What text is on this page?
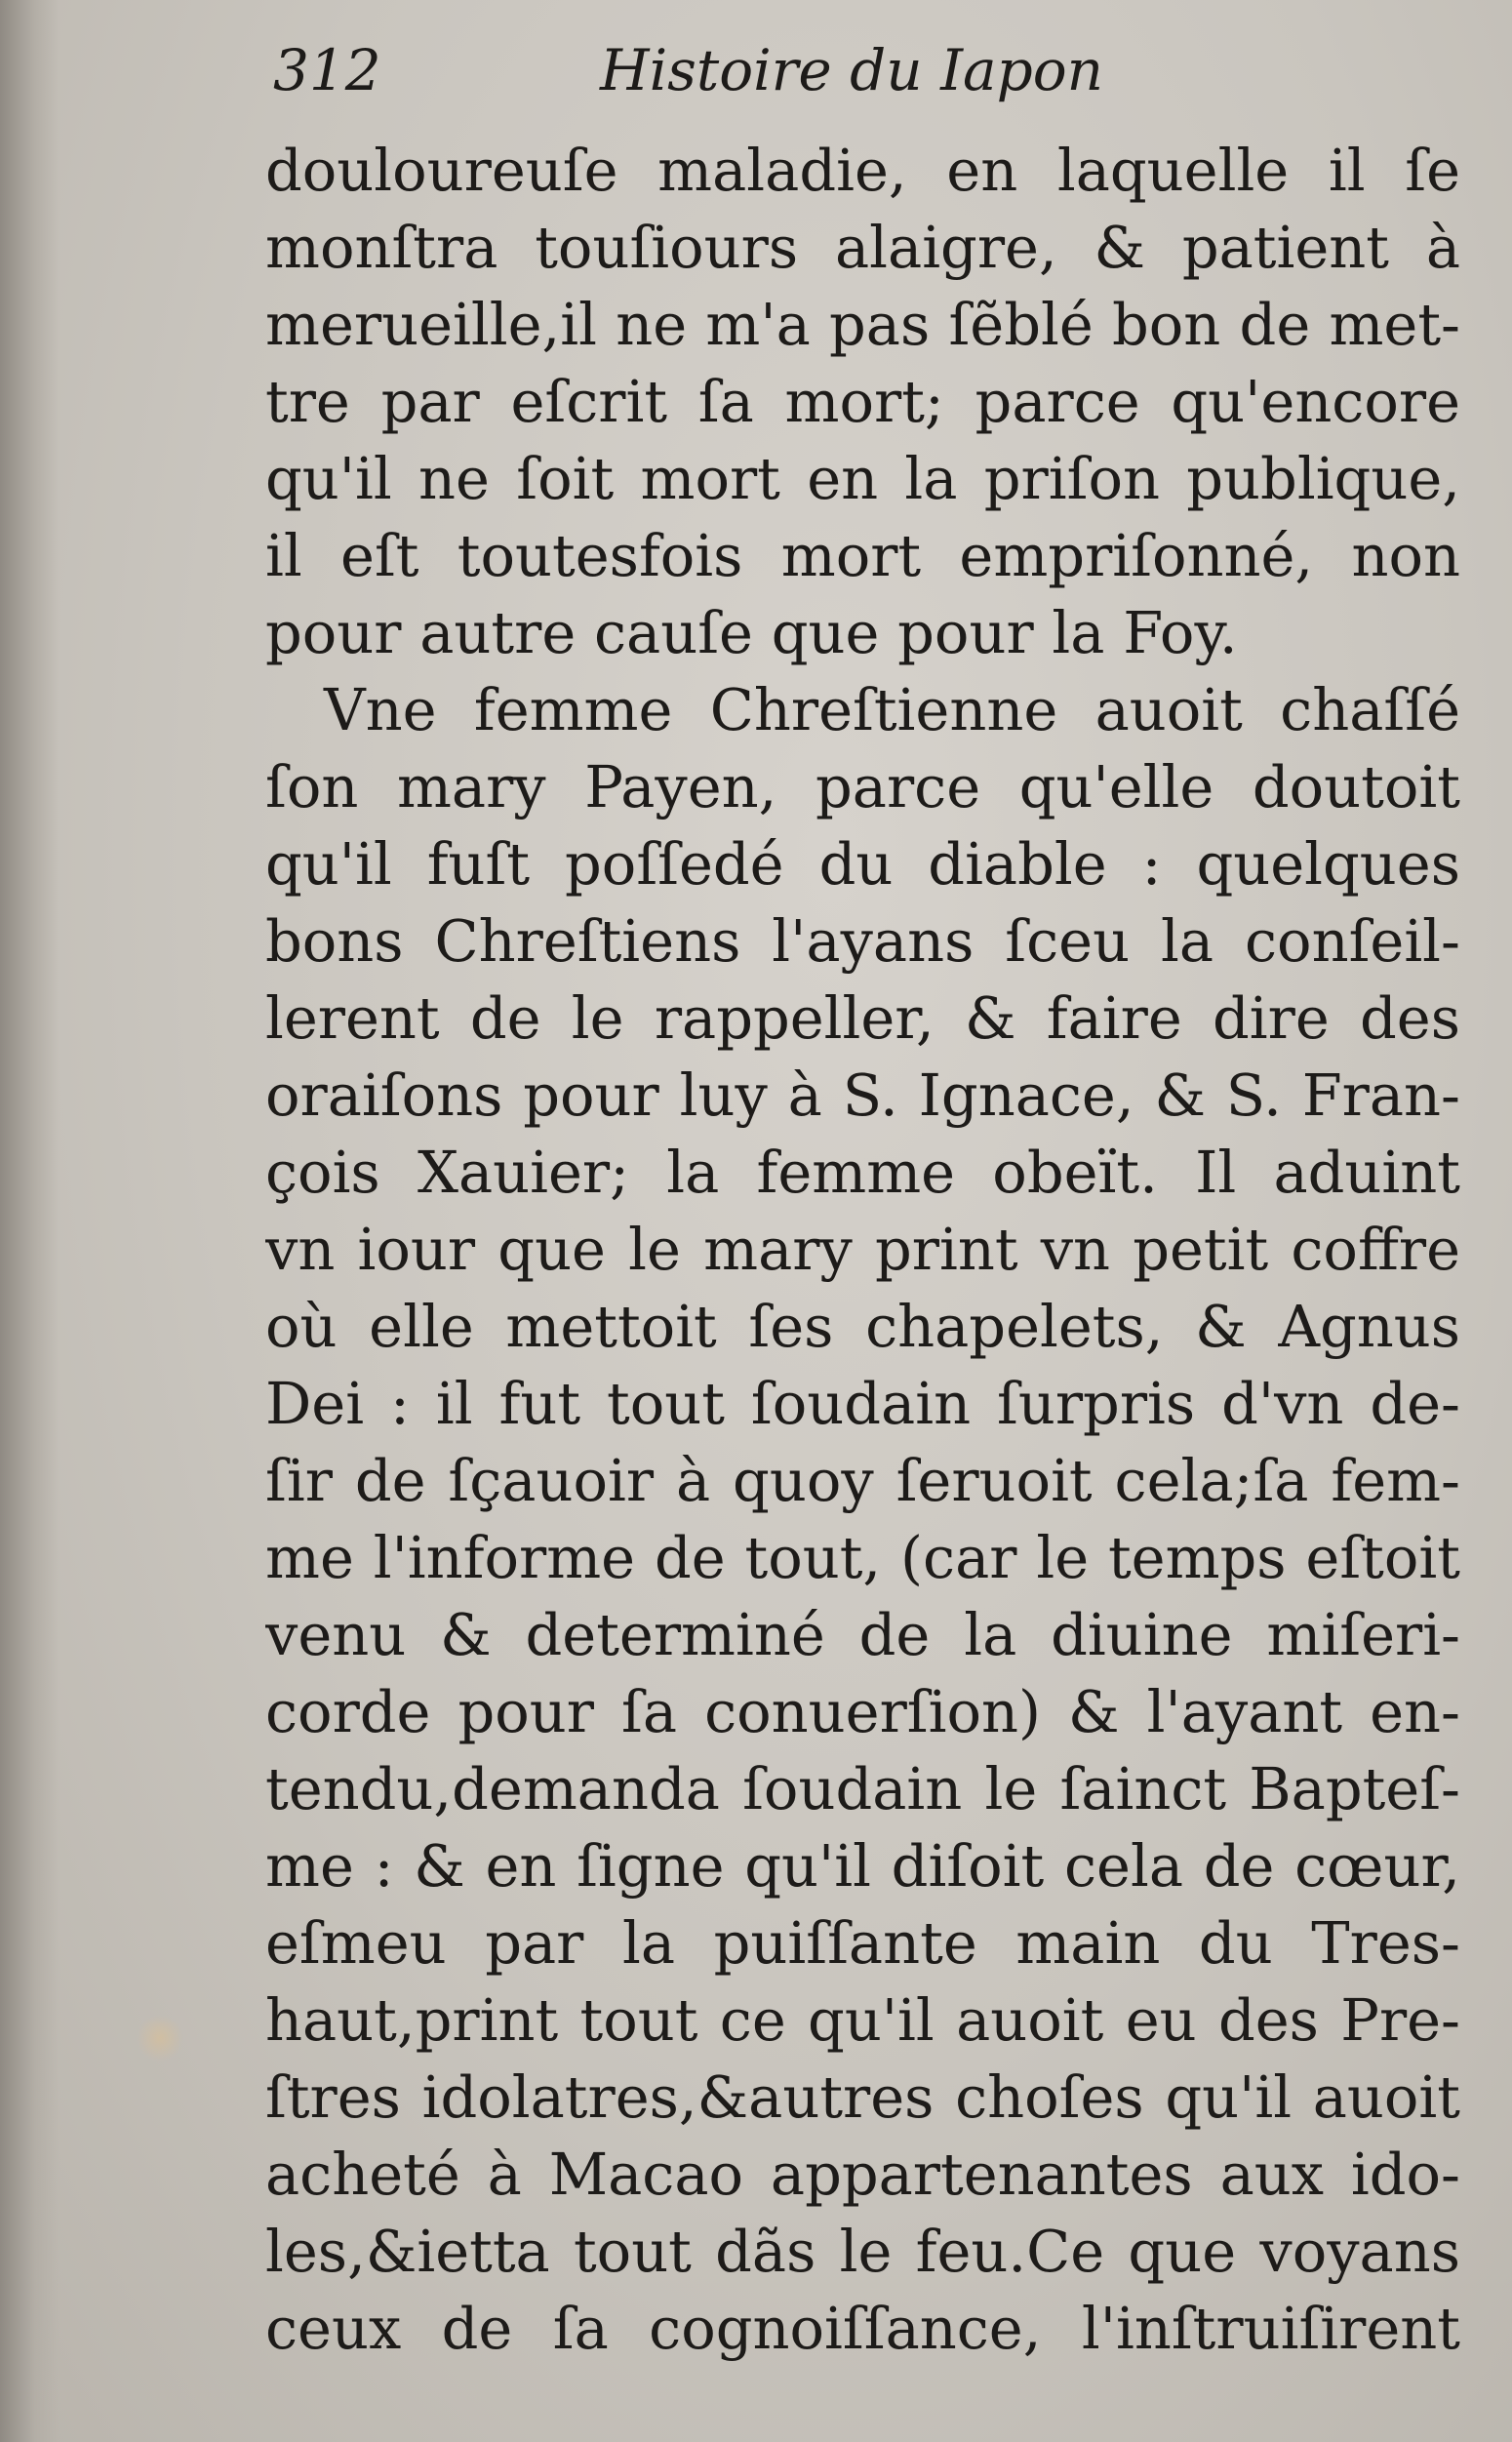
312	Histoire du Iapon
douloureuſe maladie, en laquelle il ſe
monſtra touſiours alaigre, & patient à
merueille,il ne m'a pas ſẽblé bon de met-
tre par eſcrit ſa mort; parce qu'encore
qu'il ne ſoit mort en la priſon publique,
il eſt toutesfois mort empriſonné, non
pour autre cauſe que pour la Foy.
Vne femme Chreſtienne auoit chaſſé
ſon mary Payen, parce qu'elle doutoit
qu'il fuſt poſſedé du diable : quelques
bons Chreſtiens l'ayans ſceu la conſeil-
lerent de le rappeller, & faire dire des
oraiſons pour luy à S. Ignace, & S. Fran-
çois Xauier; la femme obeït. Il aduint
vn iour que le mary print vn petit coffre
où elle mettoit ſes chapelets, & Agnus
Dei : il fut tout ſoudain ſurpris d'vn de-
ſir de ſçauoir à quoy ſeruoit cela;ſa fem-
me l'informe de tout, (car le temps eſtoit
venu & determiné de la diuine miſeri-
corde pour ſa conuerſion) & l'ayant en-
tendu,demanda ſoudain le ſainct Bapteſ-
me : & en ſigne qu'il diſoit cela de cœur,
eſmeu par la puiſſante main du Tres-
haut,print tout ce qu'il auoit eu des Pre-
ſtres idolatres,&autres choſes qu'il auoit
acheté à Macao appartenantes aux ido-
les,&ietta tout dãs le feu.Ce que voyans
ceux de ſa cognoiſſance, l'inſtruiſirent
